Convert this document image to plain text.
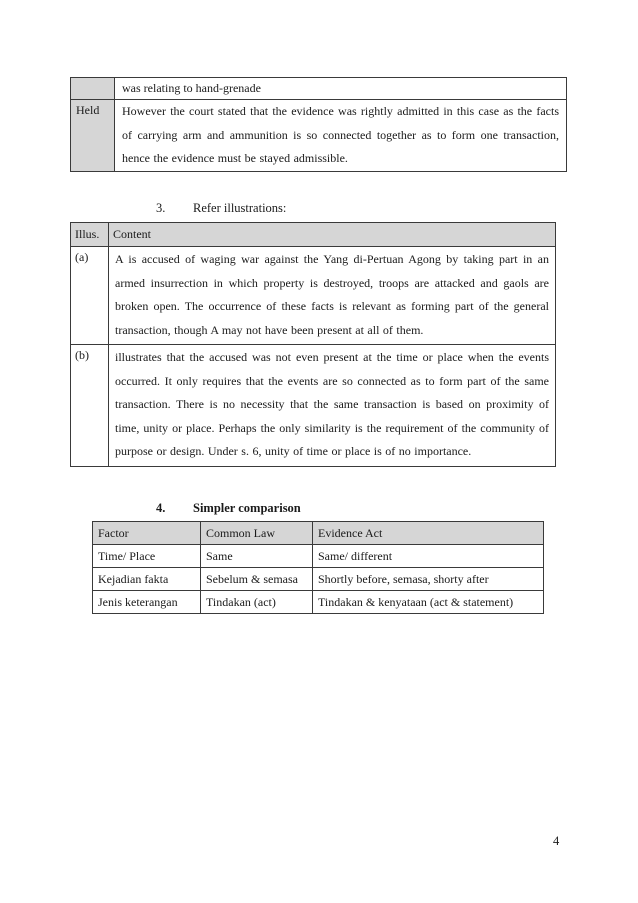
	was relating to hand-grenade
Held	However the court stated that the evidence was rightly admitted in this case as the facts of carrying arm and ammunition is so connected together as to form one transaction, hence the evidence must be stayed admissible.
3. Refer illustrations:
Illus.	Content
(a)	A is accused of waging war against the Yang di-Pertuan Agong by taking part in an armed insurrection in which property is destroyed, troops are attacked and gaols are broken open. The occurrence of these facts is relevant as forming part of the general transaction, though A may not have been present at all of them.
(b)	illustrates that the accused was not even present at the time or place when the events occurred. It only requires that the events are so connected as to form part of the same transaction. There is no necessity that the same transaction is based on proximity of time, unity or place. Perhaps the only similarity is the requirement of the community of purpose or design. Under s. 6, unity of time or place is of no importance.
4. Simpler comparison
Factor	Common Law	Evidence Act
Time/ Place	Same	Same/ different
Kejadian fakta	Sebelum & semasa	Shortly before, semasa, shorty after
Jenis keterangan	Tindakan (act)	Tindakan & kenyataan (act & statement)
4
